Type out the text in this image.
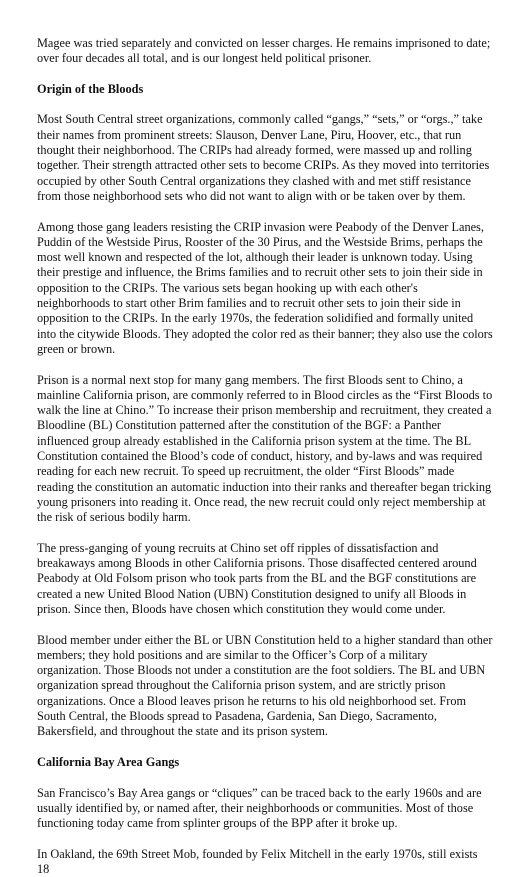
Magee was tried separately and convicted on lesser charges. He remains imprisoned to date; over four decades all total, and is our longest held political prisoner.

Origin of the Bloods

Most South Central street organizations, commonly called “gangs,” “sets,” or “orgs.,” take their names from prominent streets: Slauson, Denver Lane, Piru, Hoover, etc., that run thought their neighborhood. The CRIPs had already formed, were massed up and rolling together. Their strength attracted other sets to become CRIPs. As they moved into territories occupied by other South Central organizations they clashed with and met stiff resistance from those neighborhood sets who did not want to align with or be taken over by them.

Among those gang leaders resisting the CRIP invasion were Peabody of the Denver Lanes, Puddin of the Westside Pirus, Rooster of the 30 Pirus, and the Westside Brims, perhaps the most well known and respected of the lot, although their leader is unknown today. Using their prestige and influence, the Brims families and to recruit other sets to join their side in opposition to the CRIPs. The various sets began hooking up with each other's neighborhoods to start other Brim families and to recruit other sets to join their side in opposition to the CRIPs. In the early 1970s, the federation solidified and formally united into the citywide Bloods. They adopted the color red as their banner; they also use the colors green or brown.

Prison is a normal next stop for many gang members. The first Bloods sent to Chino, a mainline California prison, are commonly referred to in Blood circles as the “First Bloods to walk the line at Chino.” To increase their prison membership and recruitment, they created a Bloodline (BL) Constitution patterned after the constitution of the BGF: a Panther influenced group already established in the California prison system at the time. The BL Constitution contained the Blood’s code of conduct, history, and by-laws and was required reading for each new recruit. To speed up recruitment, the older “First Bloods” made reading the constitution an automatic induction into their ranks and thereafter began tricking young prisoners into reading it. Once read, the new recruit could only reject membership at the risk of serious bodily harm.

The press-ganging of young recruits at Chino set off ripples of dissatisfaction and breakaways among Bloods in other California prisons. Those disaffected centered around Peabody at Old Folsom prison who took parts from the BL and the BGF constitutions are created a new United Blood Nation (UBN) Constitution designed to unify all Bloods in prison. Since then, Bloods have chosen which constitution they would come under.

Blood member under either the BL or UBN Constitution held to a higher standard than other members; they hold positions and are similar to the Officer’s Corp of a military organization. Those Bloods not under a constitution are the foot soldiers. The BL and UBN organization spread throughout the California prison system, and are strictly prison organizations. Once a Blood leaves prison he returns to his old neighborhood set. From South Central, the Bloods spread to Pasadena, Gardenia, San Diego, Sacramento, Bakersfield, and throughout the state and its prison system.

California Bay Area Gangs

San Francisco’s Bay Area gangs or “cliques” can be traced back to the early 1960s and are usually identified by, or named after, their neighborhoods or communities. Most of those functioning today came from splinter groups of the BPP after it broke up.

In Oakland, the 69th Street Mob, founded by Felix Mitchell in the early 1970s, still exists

18
